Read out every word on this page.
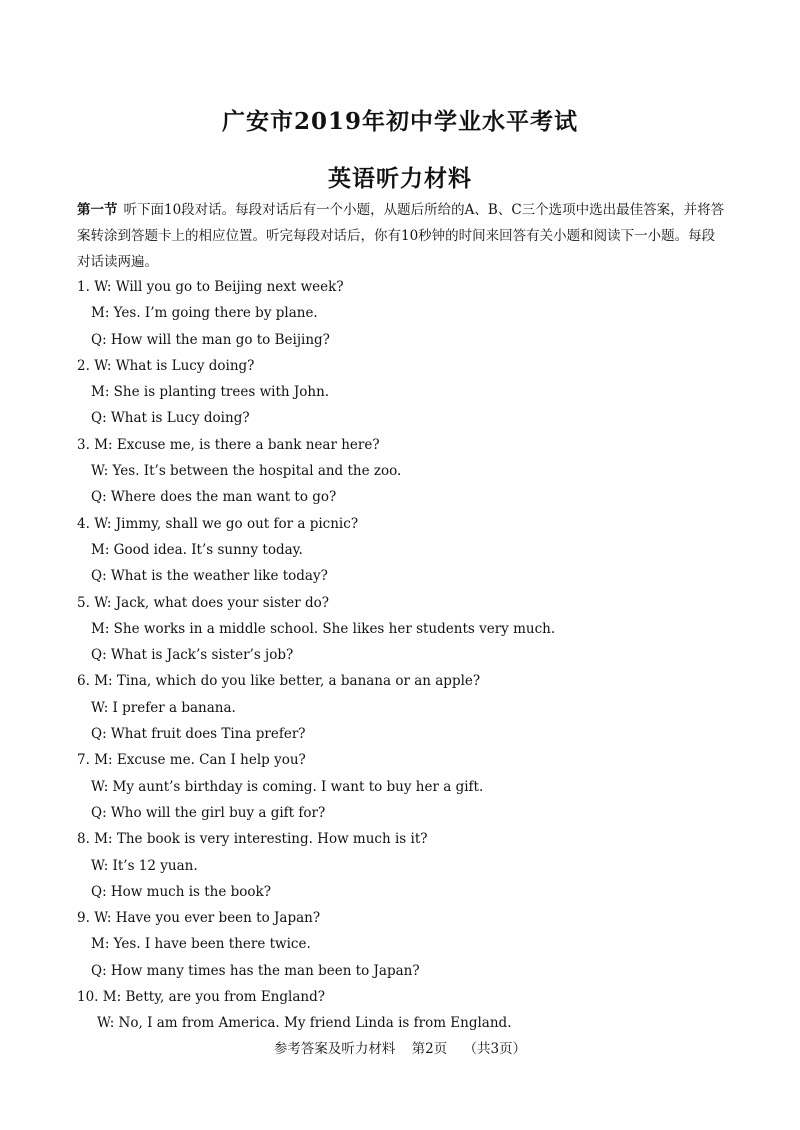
广安市2019年初中学业水平考试
英语听力材料

第一节 听下面10段对话。每段对话后有一个小题，从题后所给的A、B、C三个选项中选出最佳答案，并将答案转涂到答题卡上的相应位置。听完每段对话后，你有10秒钟的时间来回答有关小题和阅读下一小题。每段对话读两遍。

1. W: Will you go to Beijing next week?
M: Yes. I’m going there by plane.
Q: How will the man go to Beijing?
2. W: What is Lucy doing?
M: She is planting trees with John.
Q: What is Lucy doing?
3. M: Excuse me, is there a bank near here?
W: Yes. It’s between the hospital and the zoo.
Q: Where does the man want to go?
4. W: Jimmy, shall we go out for a picnic?
M: Good idea. It’s sunny today.
Q: What is the weather like today?
5. W: Jack, what does your sister do?
M: She works in a middle school. She likes her students very much.
Q: What is Jack’s sister’s job?
6. M: Tina, which do you like better, a banana or an apple?
W: I prefer a banana.
Q: What fruit does Tina prefer?
7. M: Excuse me. Can I help you?
W: My aunt’s birthday is coming. I want to buy her a gift.
Q: Who will the girl buy a gift for?
8. M: The book is very interesting. How much is it?
W: It’s 12 yuan.
Q: How much is the book?
9. W: Have you ever been to Japan?
M: Yes. I have been there twice.
Q: How many times has the man been to Japan?
10. M: Betty, are you from England?
W: No, I am from America. My friend Linda is from England.

参考答案及听力材料 第2页 （共3页）
